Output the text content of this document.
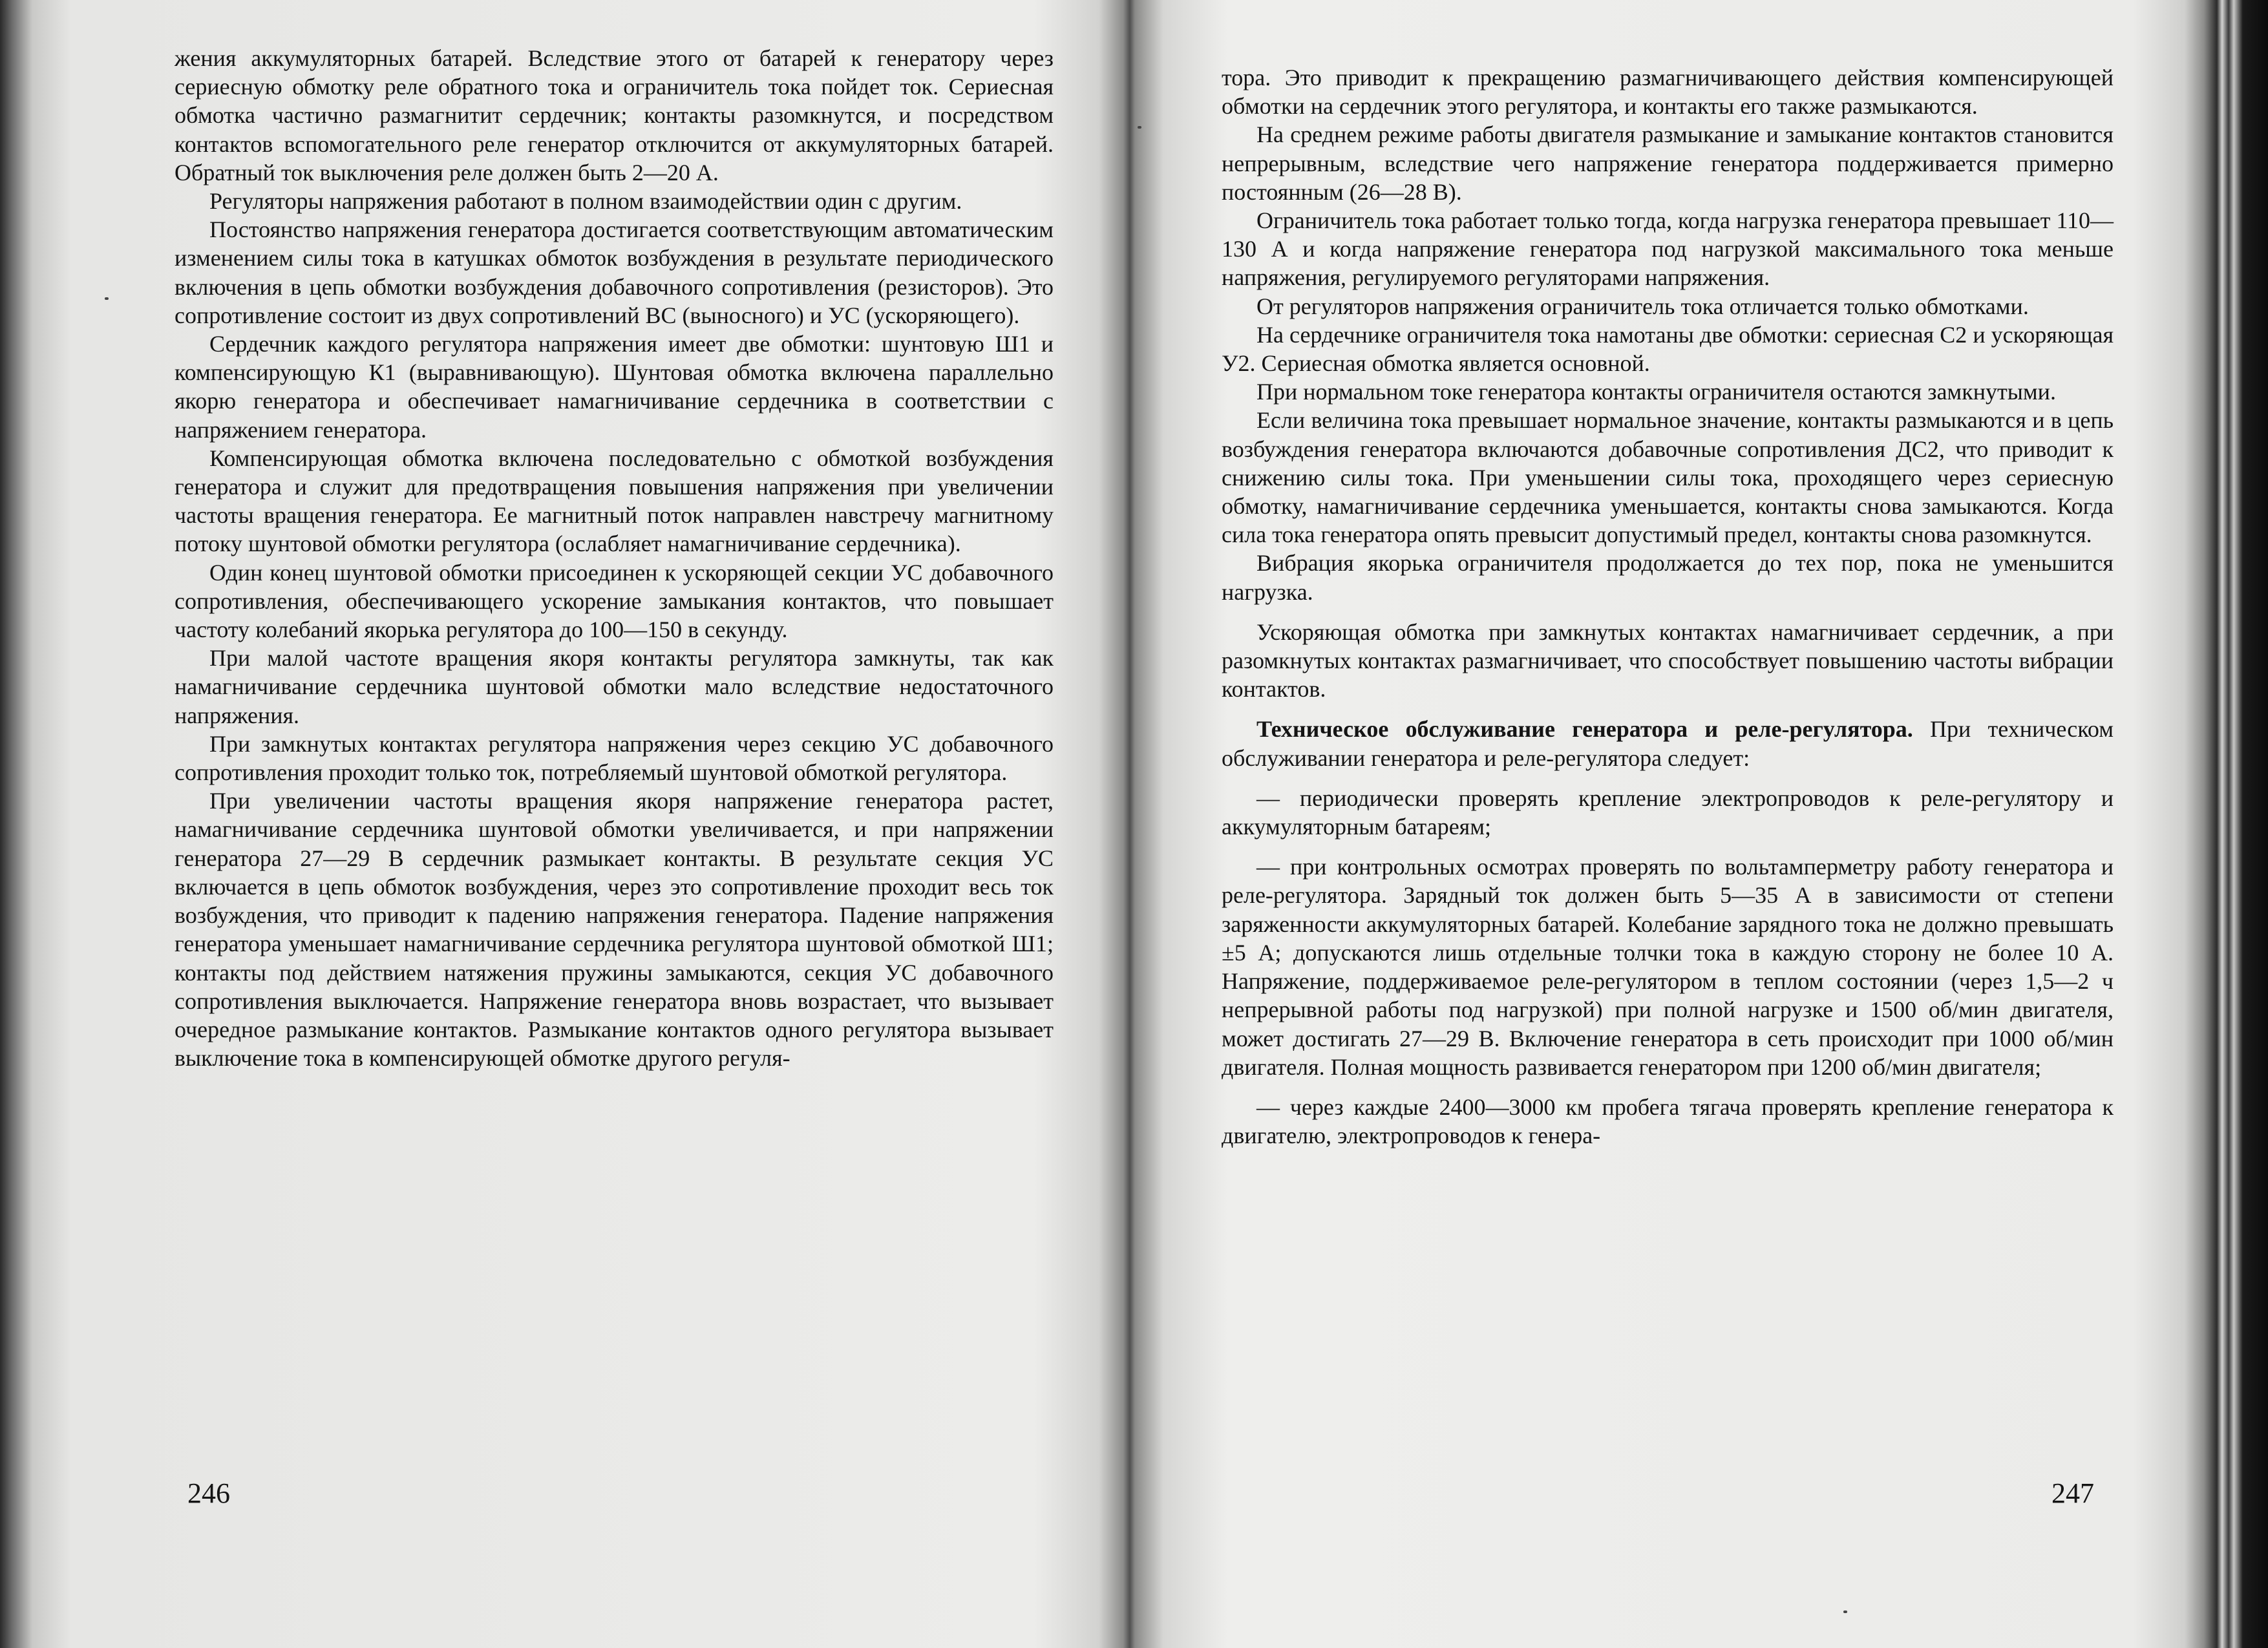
жения аккумуляторных батарей. Вследствие этого от батарей к генератору через сериесную обмотку реле обратного тока и ограничитель тока пойдет ток. Сериесная обмотка частично размагнитит сердечник; контакты разомкнутся, и посредством контактов вспомогательного реле генератор отключится от аккумуляторных батарей. Обратный ток выключения реле должен быть 2—20 А.

Регуляторы напряжения работают в полном взаимодействии один с другим.

Постоянство напряжения генератора достигается соответствующим автоматическим изменением силы тока в катушках обмоток возбуждения в результате периодического включения в цепь обмотки возбуждения добавочного сопротивления (резисторов). Это сопротивление состоит из двух сопротивлений ВС (выносного) и УС (ускоряющего).

Сердечник каждого регулятора напряжения имеет две обмотки: шунтовую Ш1 и компенсирующую К1 (выравнивающую). Шунтовая обмотка включена параллельно якорю генератора и обеспечивает намагничивание сердечника в соответствии с напряжением генератора.

Компенсирующая обмотка включена последовательно с обмоткой возбуждения генератора и служит для предотвращения повышения напряжения при увеличении частоты вращения генератора. Ее магнитный поток направлен навстречу магнитному потоку шунтовой обмотки регулятора (ослабляет намагничивание сердечника).

Один конец шунтовой обмотки присоединен к ускоряющей секции УС добавочного сопротивления, обеспечивающего ускорение замыкания контактов, что повышает частоту колебаний якорька регулятора до 100—150 в секунду.

При малой частоте вращения якоря контакты регулятора замкнуты, так как намагничивание сердечника шунтовой обмотки мало вследствие недостаточного напряжения.

При замкнутых контактах регулятора напряжения через секцию УС добавочного сопротивления проходит только ток, потребляемый шунтовой обмоткой регулятора.

При увеличении частоты вращения якоря напряжение генератора растет, намагничивание сердечника шунтовой обмотки увеличивается, и при напряжении генератора 27—29 В сердечник размыкает контакты. В результате секция УС включается в цепь обмоток возбуждения, через это сопротивление проходит весь ток возбуждения, что приводит к падению напряжения генератора. Падение напряжения генератора уменьшает намагничивание сердечника регулятора шунтовой обмоткой Ш1; контакты под действием натяжения пружины замыкаются, секция УС добавочного сопротивления выключается. Напряжение генератора вновь возрастает, что вызывает очередное размыкание контактов. Размыкание контактов одного регулятора вызывает выключение тока в компенсирующей обмотке другого регуля-

246

тора. Это приводит к прекращению размагничивающего действия компенсирующей обмотки на сердечник этого регулятора, и контакты его также размыкаются.

На среднем режиме работы двигателя размыкание и замыкание контактов становится непрерывным, вследствие чего напряжение генератора поддерживается примерно постоянным (26—28 В).

Ограничитель тока работает только тогда, когда нагрузка генератора превышает 110—130 А и когда напряжение генератора под нагрузкой максимального тока меньше напряжения, регулируемого регуляторами напряжения.

От регуляторов напряжения ограничитель тока отличается только обмотками.

На сердечнике ограничителя тока намотаны две обмотки: сериесная С2 и ускоряющая У2. Сериесная обмотка является основной.

При нормальном токе генератора контакты ограничителя остаются замкнутыми.

Если величина тока превышает нормальное значение, контакты размыкаются и в цепь возбуждения генератора включаются добавочные сопротивления ДС2, что приводит к снижению силы тока. При уменьшении силы тока, проходящего через сериесную обмотку, намагничивание сердечника уменьшается, контакты снова замыкаются. Когда сила тока генератора опять превысит допустимый предел, контакты снова разомкнутся.

Вибрация якорька ограничителя продолжается до тех пор, пока не уменьшится нагрузка.

Ускоряющая обмотка при замкнутых контактах намагничивает сердечник, а при разомкнутых контактах размагничивает, что способствует повышению частоты вибрации контактов.

Техническое обслуживание генератора и реле-регулятора. При техническом обслуживании генератора и реле-регулятора следует:

— периодически проверять крепление электропроводов к реле-регулятору и аккумуляторным батареям;

— при контрольных осмотрах проверять по вольтамперметру работу генератора и реле-регулятора. Зарядный ток должен быть 5—35 А в зависимости от степени заряженности аккумуляторных батарей. Колебание зарядного тока не должно превышать ±5 А; допускаются лишь отдельные толчки тока в каждую сторону не более 10 А. Напряжение, поддерживаемое реле-регулятором в теплом состоянии (через 1,5—2 ч непрерывной работы под нагрузкой) при полной нагрузке и 1500 об/мин двигателя, может достигать 27—29 В. Включение генератора в сеть происходит при 1000 об/мин двигателя. Полная мощность развивается генератором при 1200 об/мин двигателя;

— через каждые 2400—3000 км пробега тягача проверять крепление генератора к двигателю, электропроводов к генера-

247
